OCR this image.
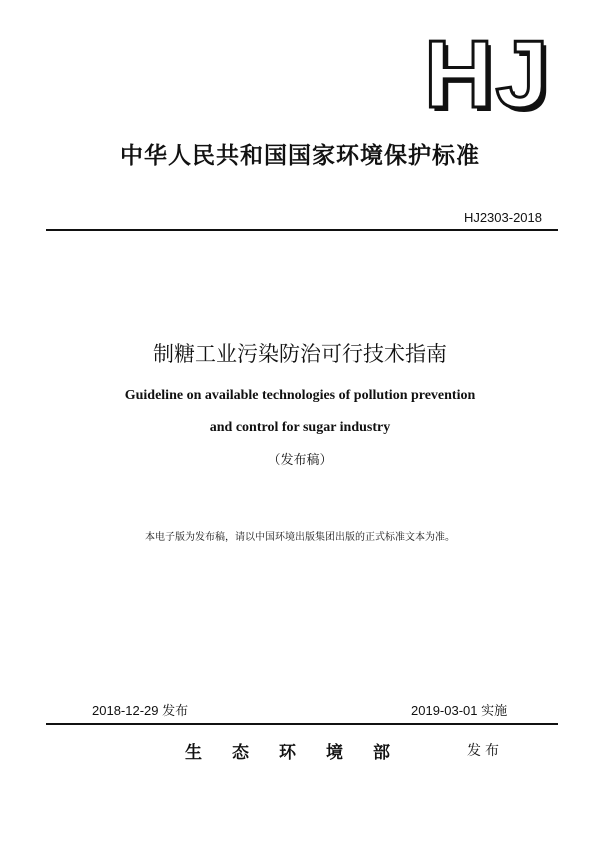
HJ
中华人民共和国国家环境保护标准
HJ2303-2018
制糖工业污染防治可行技术指南
Guideline on available technologies of pollution prevention
and control for sugar industry
（发布稿）
本电子版为发布稿，请以中国环境出版集团出版的正式标准文本为准。
2018-12-29 发布	2019-03-01 实施
生态环境部	发布
